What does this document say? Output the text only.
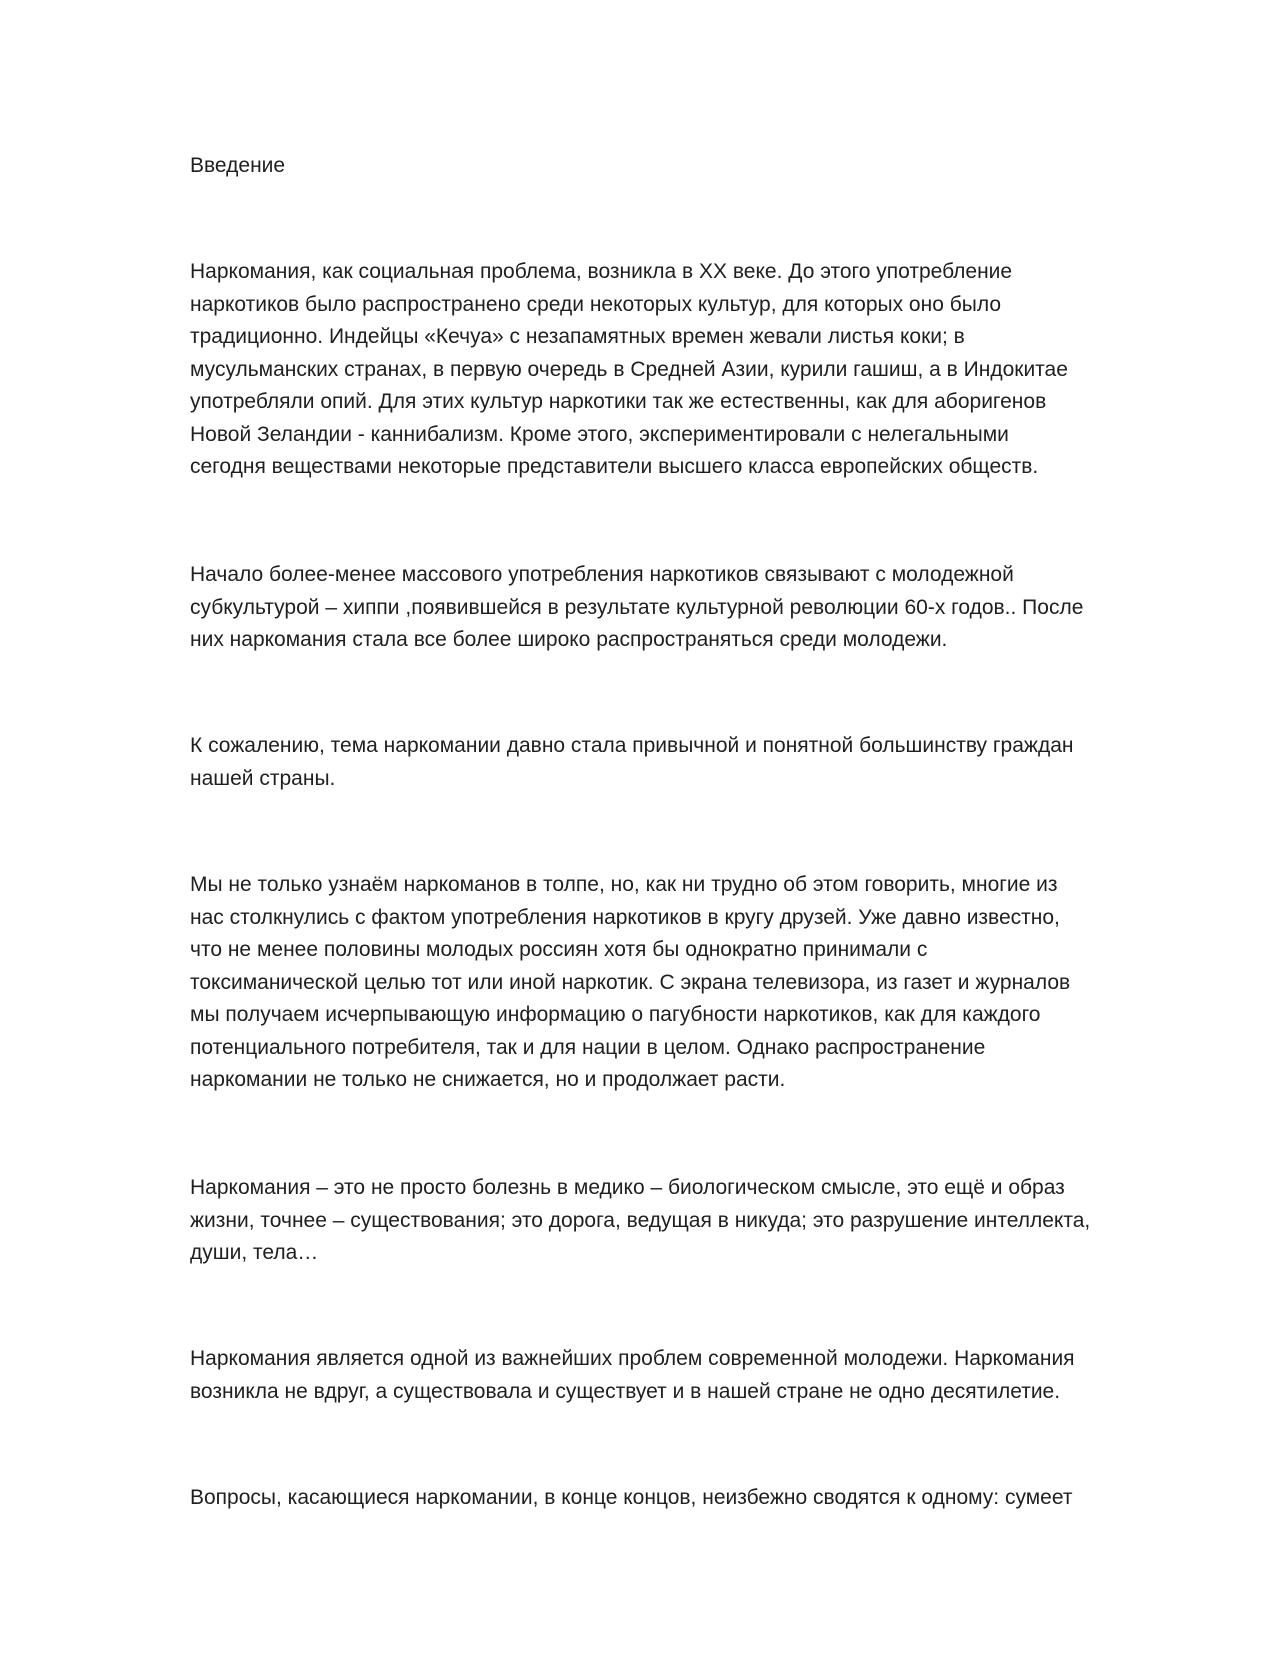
Введение
Наркомания, как социальная проблема, возникла в XX веке. До этого употребление
наркотиков было распространено среди некоторых культур, для которых оно было
традиционно. Индейцы «Кечуа» с незапамятных времен жевали листья коки; в
мусульманских странах, в первую очередь в Средней Азии, курили гашиш, а в Индокитае
употребляли опий. Для этих культур наркотики так же естественны, как для аборигенов
Новой Зеландии - каннибализм. Кроме этого, экспериментировали с нелегальными
сегодня веществами некоторые представители высшего класса европейских обществ.
Начало более-менее массового употребления наркотиков связывают с молодежной
субкультурой – хиппи ,появившейся в результате культурной революции 60-х годов.. После
них наркомания стала все более широко распространяться среди молодежи.
К сожалению, тема наркомании давно стала привычной и понятной большинству граждан
нашей страны.
Мы не только узнаём наркоманов в толпе, но, как ни трудно об этом говорить, многие из
нас столкнулись с фактом употребления наркотиков в кругу друзей. Уже давно известно,
что не менее половины молодых россиян хотя бы однократно принимали с
токсиманической целью тот или иной наркотик. С экрана телевизора, из газет и журналов
мы получаем исчерпывающую информацию о пагубности наркотиков, как для каждого
потенциального потребителя, так и для нации в целом. Однако распространение
наркомании не только не снижается, но и продолжает расти.
Наркомания – это не просто болезнь в медико – биологическом смысле, это ещё и образ
жизни, точнее – существования; это дорога, ведущая в никуда; это разрушение интеллекта,
души, тела…
Наркомания является одной из важнейших проблем современной молодежи. Наркомания
возникла не вдруг, а существовала и существует и в нашей стране не одно десятилетие.
Вопросы, касающиеся наркомании, в конце концов, неизбежно сводятся к одному: сумеет
